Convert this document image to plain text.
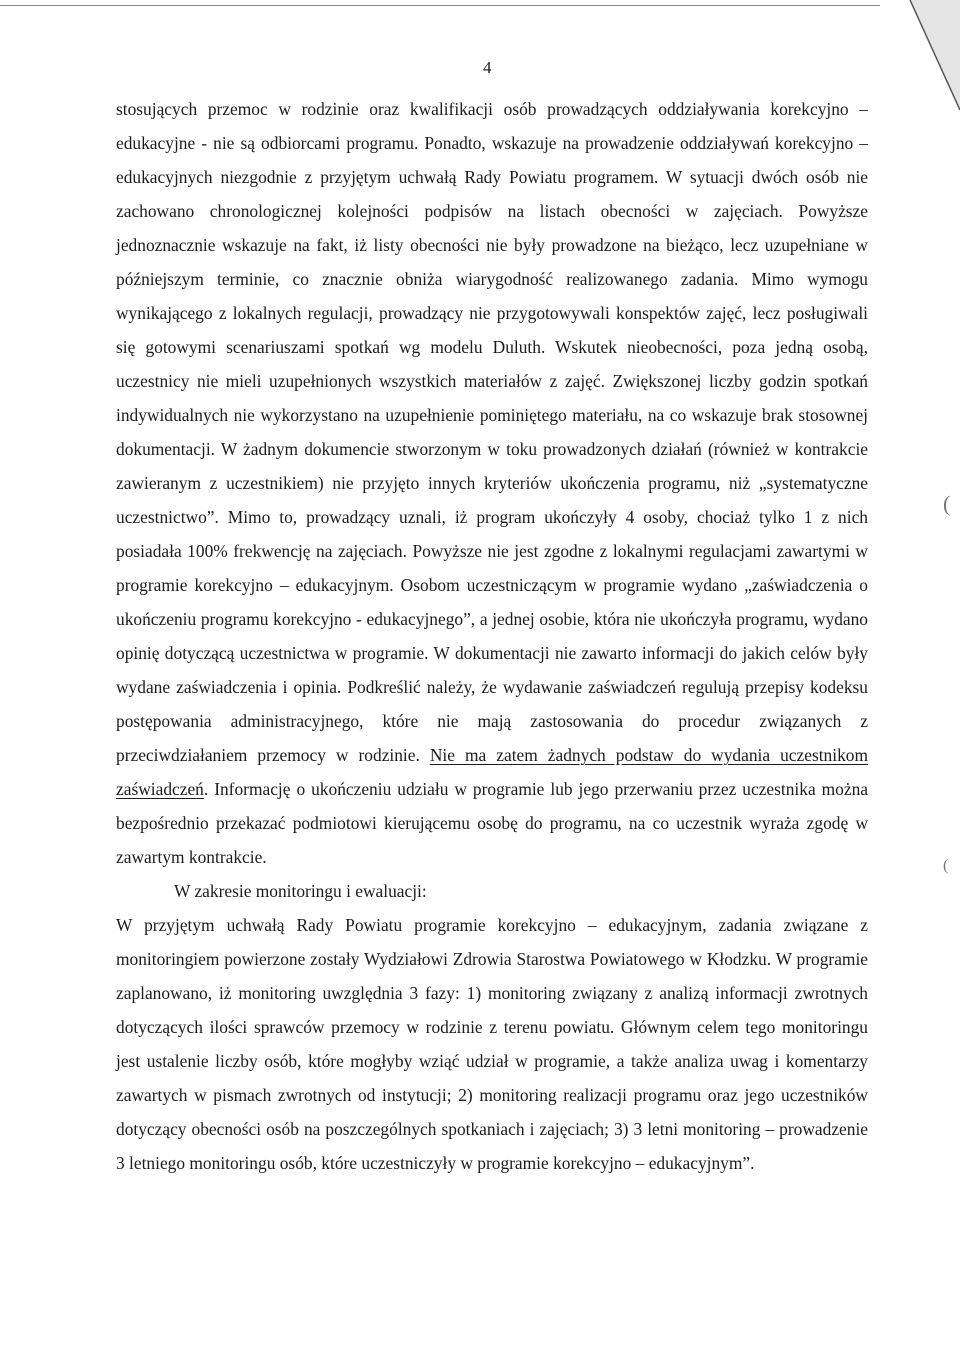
4

stosujących przemoc w rodzinie oraz kwalifikacji osób prowadzących oddziaływania korekcyjno – edukacyjne - nie są odbiorcami programu. Ponadto, wskazuje na prowadzenie oddziaływań korekcyjno – edukacyjnych niezgodnie z przyjętym uchwałą Rady Powiatu programem. W sytuacji dwóch osób nie zachowano chronologicznej kolejności podpisów na listach obecności w zajęciach. Powyższe jednoznacznie wskazuje na fakt, iż listy obecności nie były prowadzone na bieżąco, lecz uzupełniane w późniejszym terminie, co znacznie obniża wiarygodność realizowanego zadania. Mimo wymogu wynikającego z lokalnych regulacji, prowadzący nie przygotowywali konspektów zajęć, lecz posługiwali się gotowymi scenariuszami spotkań wg modelu Duluth. Wskutek nieobecności, poza jedną osobą, uczestnicy nie mieli uzupełnionych wszystkich materiałów z zajęć. Zwiększonej liczby godzin spotkań indywidualnych nie wykorzystano na uzupełnienie pominiętego materiału, na co wskazuje brak stosownej dokumentacji. W żadnym dokumencie stworzonym w toku prowadzonych działań (również w kontrakcie zawieranym z uczestnikiem) nie przyjęto innych kryteriów ukończenia programu, niż „systematyczne uczestnictwo”. Mimo to, prowadzący uznali, iż program ukończyły 4 osoby, chociaż tylko 1 z nich posiadała 100% frekwencję na zajęciach. Powyższe nie jest zgodne z lokalnymi regulacjami zawartymi w programie korekcyjno – edukacyjnym. Osobom uczestniczącym w programie wydano „zaświadczenia o ukończeniu programu korekcyjno - edukacyjnego”, a jednej osobie, która nie ukończyła programu, wydano opinię dotyczącą uczestnictwa w programie. W dokumentacji nie zawarto informacji do jakich celów były wydane zaświadczenia i opinia. Podkreślić należy, że wydawanie zaświadczeń regulują przepisy kodeksu postępowania administracyjnego, które nie mają zastosowania do procedur związanych z przeciwdziałaniem przemocy w rodzinie. Nie ma zatem żadnych podstaw do wydania uczestnikom zaświadczeń. Informację o ukończeniu udziału w programie lub jego przerwaniu przez uczestnika można bezpośrednio przekazać podmiotowi kierującemu osobę do programu, na co uczestnik wyraża zgodę w zawartym kontrakcie.

W zakresie monitoringu i ewaluacji:

W przyjętym uchwałą Rady Powiatu programie korekcyjno – edukacyjnym, zadania związane z monitoringiem powierzone zostały Wydziałowi Zdrowia Starostwa Powiatowego w Kłodzku. W programie zaplanowano, iż monitoring uwzględnia 3 fazy: 1) monitoring związany z analizą informacji zwrotnych dotyczących ilości sprawców przemocy w rodzinie z terenu powiatu. Głównym celem tego monitoringu jest ustalenie liczby osób, które mogłyby wziąć udział w programie, a także analiza uwag i komentarzy zawartych w pismach zwrotnych od instytucji; 2) monitoring realizacji programu oraz jego uczestników dotyczący obecności osób na poszczególnych spotkaniach i zajęciach; 3) 3 letni monitoring – prowadzenie 3 letniego monitoringu osób, które uczestniczyły w programie korekcyjno – edukacyjnym”.

(
(
